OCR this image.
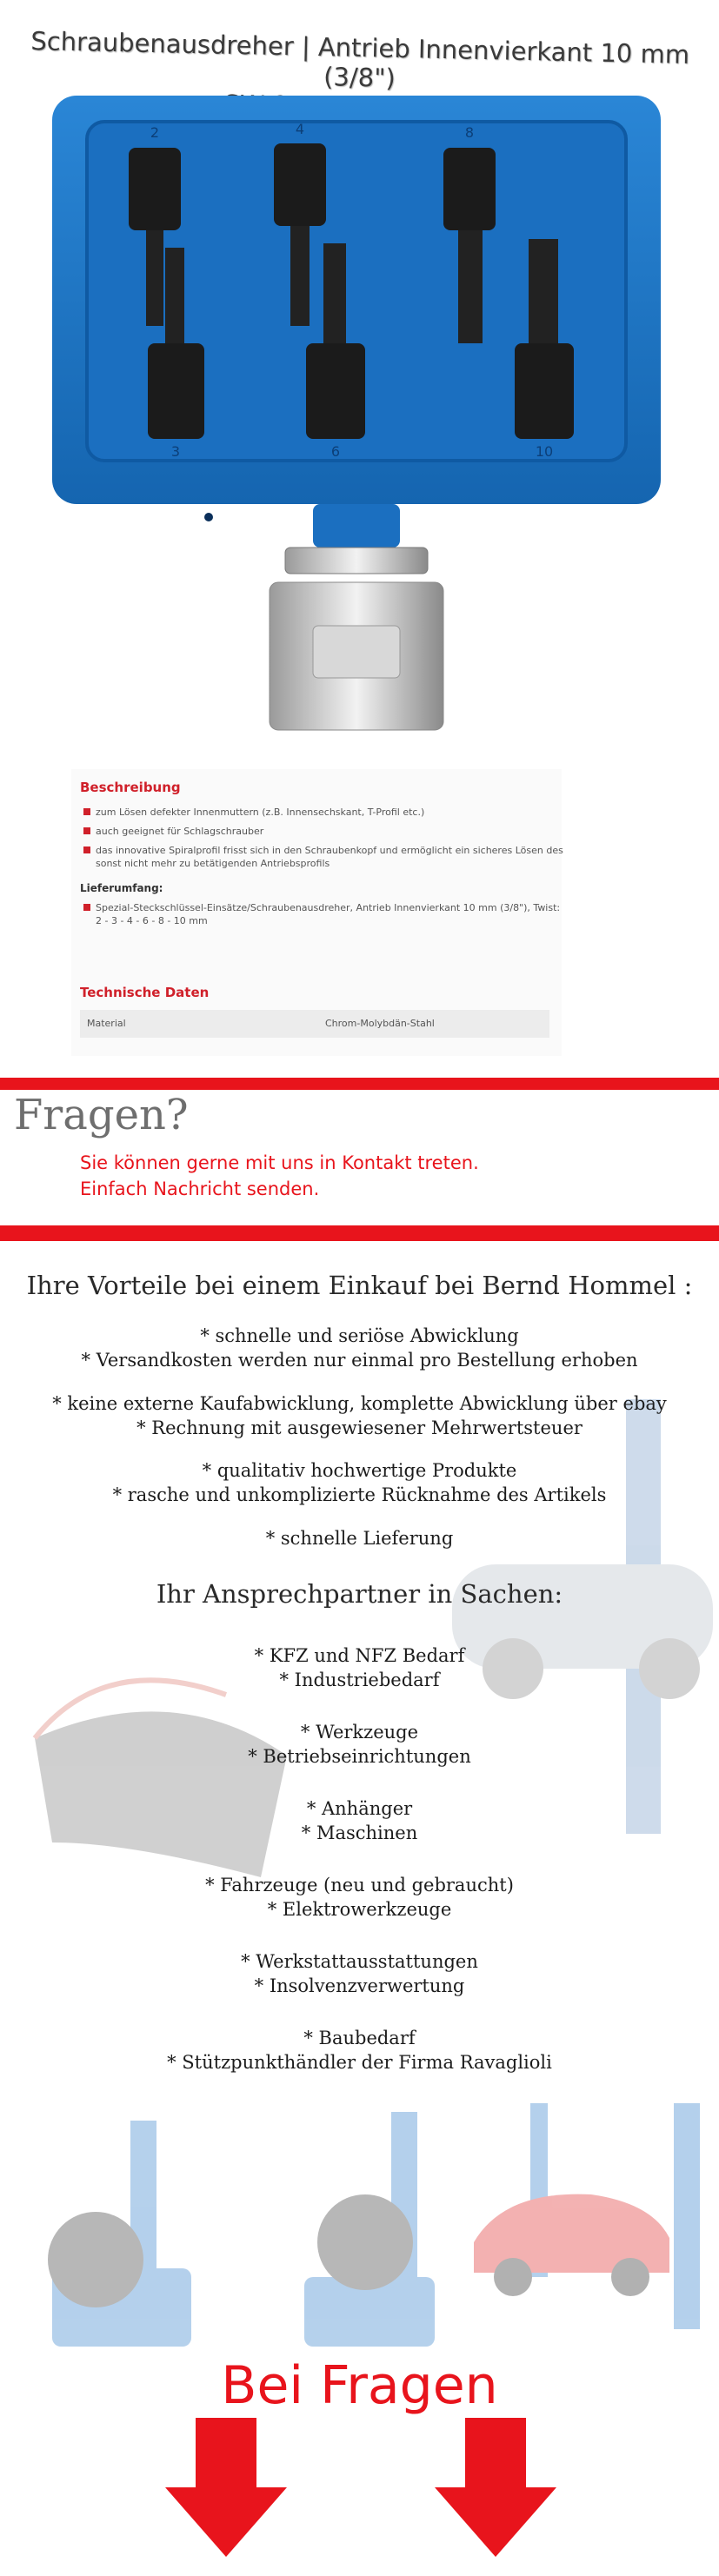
Schraubenausdreher | Antrieb Innenvierkant 10 mm (3/8")
2	4	8
3	6	10
Beschreibung
zum Lösen defekter Innenmuttern (z.B. Innensechskant, T-Profil etc.)
auch geeignet für Schlagschrauber
das innovative Spiralprofil frisst sich in den Schraubenkopf und ermöglicht ein sicheres Lösen des sonst nicht mehr zu betätigenden Antriebsprofils
Lieferumfang:
Spezial-Steckschlüssel-Einsätze/Schraubenausdreher, Antrieb Innenvierkant 10 mm (3/8"), Twist: 2 - 3 - 4 - 6 - 8 - 10 mm
Technische Daten
Material	Chrom-Molybdän-Stahl
Fragen?
Sie können gerne mit uns in Kontakt treten.
Einfach Nachricht senden.
Ihre Vorteile bei einem Einkauf bei Bernd Hommel :
* schnelle und seriöse Abwicklung
* Versandkosten werden nur einmal pro Bestellung erhoben
* keine externe Kaufabwicklung, komplette Abwicklung über ebay
* Rechnung mit ausgewiesener Mehrwertsteuer
* qualitativ hochwertige Produkte
* rasche und unkomplizierte Rücknahme des Artikels
* schnelle Lieferung
Ihr Ansprechpartner in Sachen:
* KFZ und NFZ Bedarf
* Industriebedarf
* Werkzeuge
* Betriebseinrichtungen
* Anhänger
* Maschinen
* Fahrzeuge (neu und gebraucht)
* Elektrowerkzeuge
* Werkstattausstattungen
* Insolvenzverwertung
* Baubedarf
* Stützpunkthändler der Firma Ravaglioli
Bei Fragen
